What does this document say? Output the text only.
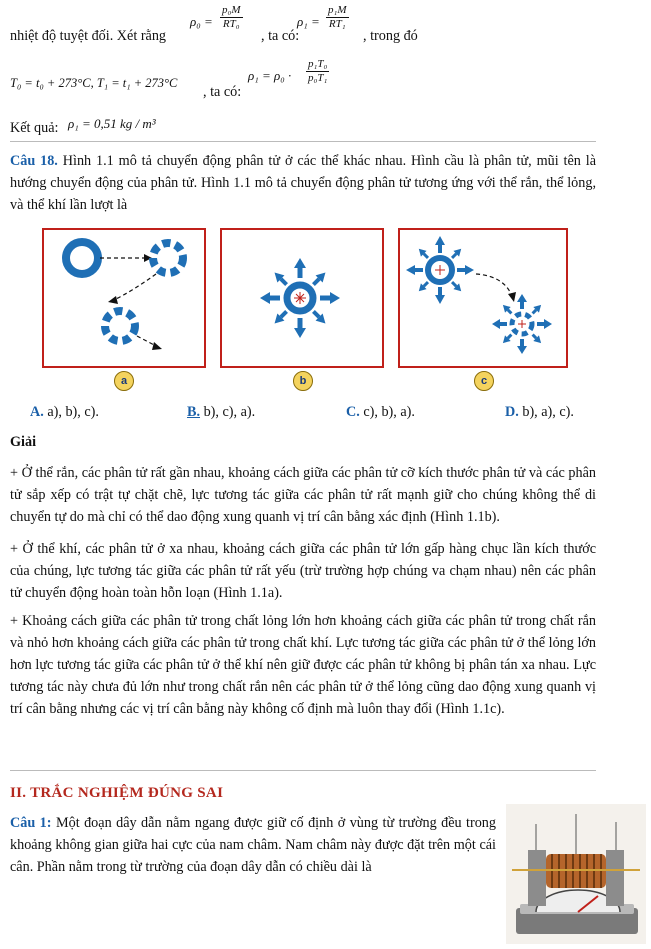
nhiệt độ tuyệt đối. Xét rằng
$\rho_0 = \frac{\text{p₀M}}{\text{RT₀}}$
, ta có:
$\rho_1 = \frac{\text{p₁M}}{\text{RT₁}}$
, trong đó
T₀ = t₀ + 273°C, T₁ = t₁ + 273°C
, ta có:
$\rho_1 = \rho_0 \cdot \frac{\text{p₁T₀}}{\text{p₀T₁}}$
Kết quả: ρ₁ = 0,51 kg / m³
Câu 18. Hình 1.1 mô tả chuyển động phân tử ở các thể khác nhau. Hình cầu là phân tử, mũi tên là hướng chuyển động của phân tử. Hình 1.1 mô tả chuyển động phân tử tương ứng với thể rắn, thể lỏng, và thể khí lần lượt là
a	b	c
A. a), b), c).	B. b), c), a).	C. c), b), a).	D. b), a), c).
Giải
+ Ở thể rắn, các phân tử rất gần nhau, khoảng cách giữa các phân tử cỡ kích thước phân tử và các phân tử sắp xếp có trật tự chặt chẽ, lực tương tác giữa các phân tử rất mạnh giữ cho chúng không thể di chuyển tự do mà chỉ có thể dao động xung quanh vị trí cân bằng xác định (Hình 1.1b).
+ Ở thể khí, các phân tử ở xa nhau, khoảng cách giữa các phân tử lớn gấp hàng chục lần kích thước của chúng, lực tương tác giữa các phân tử rất yếu (trừ trường hợp chúng va chạm nhau) nên các phân tử chuyển động hoàn toàn hỗn loạn (Hình 1.1a).
+ Khoảng cách giữa các phân tử trong chất lỏng lớn hơn khoảng cách giữa các phân tử trong chất rắn và nhỏ hơn khoảng cách giữa các phân tử trong chất khí. Lực tương tác giữa các phân tử ở thể lỏng lớn hơn lực tương tác giữa các phân tử ở thể khí nên giữ được các phân tử không bị phân tán xa nhau. Lực tương tác này chưa đủ lớn như trong chất rắn nên các phân tử ở thể lỏng cũng dao động xung quanh vị trí cân bằng nhưng các vị trí cân bằng này không cố định mà luôn thay đổi (Hình 1.1c).
II. TRẮC NGHIỆM ĐÚNG SAI
Câu 1: Một đoạn dây dẫn nằm ngang được giữ cố định ở vùng từ trường đều trong khoảng không gian giữa hai cực của nam châm. Nam châm này được đặt trên một cái cân. Phần nằm trong từ trường của đoạn dây dẫn có chiều dài là
